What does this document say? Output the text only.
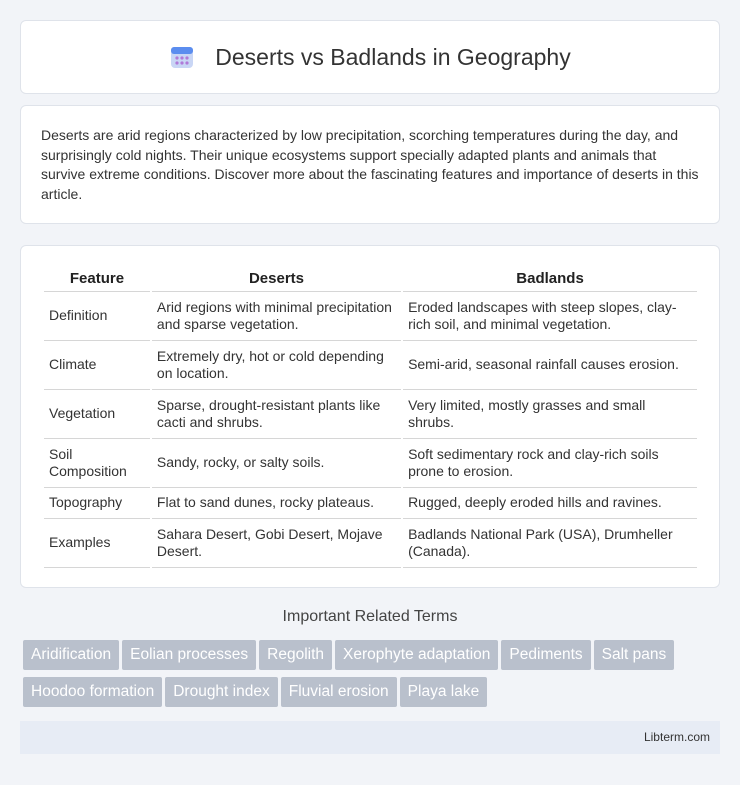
Deserts vs Badlands in Geography

Deserts are arid regions characterized by low precipitation, scorching temperatures during the day, and surprisingly cold nights. Their unique ecosystems support specially adapted plants and animals that survive extreme conditions. Discover more about the fascinating features and importance of deserts in this article.

Feature	Deserts	Badlands
Definition	Arid regions with minimal precipitation and sparse vegetation.	Eroded landscapes with steep slopes, clay-rich soil, and minimal vegetation.
Climate	Extremely dry, hot or cold depending on location.	Semi-arid, seasonal rainfall causes erosion.
Vegetation	Sparse, drought-resistant plants like cacti and shrubs.	Very limited, mostly grasses and small shrubs.
Soil Composition	Sandy, rocky, or salty soils.	Soft sedimentary rock and clay-rich soils prone to erosion.
Topography	Flat to sand dunes, rocky plateaus.	Rugged, deeply eroded hills and ravines.
Examples	Sahara Desert, Gobi Desert, Mojave Desert.	Badlands National Park (USA), Drumheller (Canada).
Important Related Terms
Aridification Eolian processes Regolith Xerophyte adaptation Pediments Salt pans
Hoodoo formation Drought index Fluvial erosion Playa lake
Libterm.com
